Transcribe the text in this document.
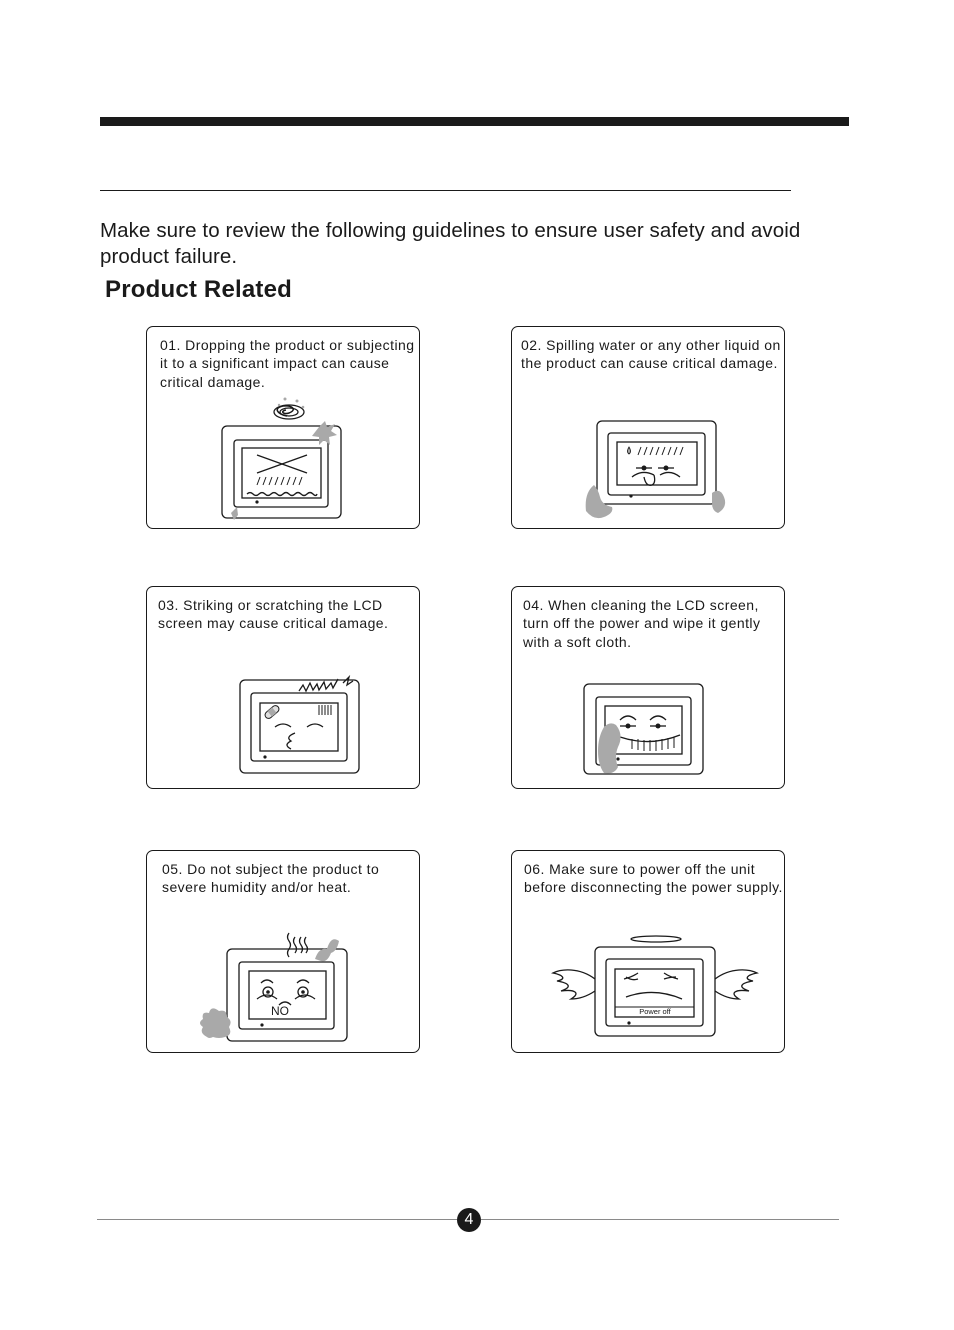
Make sure to review the following guidelines to ensure user safety and avoid product failure.

Product Related

01. Dropping the product or subjecting it to a significant impact can cause critical damage.

02. Spilling water or any other liquid on the product can cause critical damage.

03. Striking or scratching the LCD screen may cause critical damage.

04. When cleaning the LCD screen, turn off the power and wipe it gently with a soft cloth.

05. Do not subject the product to severe humidity and/or heat.

NO

06. Make sure to power off the unit before disconnecting the power supply.

Power off
4
